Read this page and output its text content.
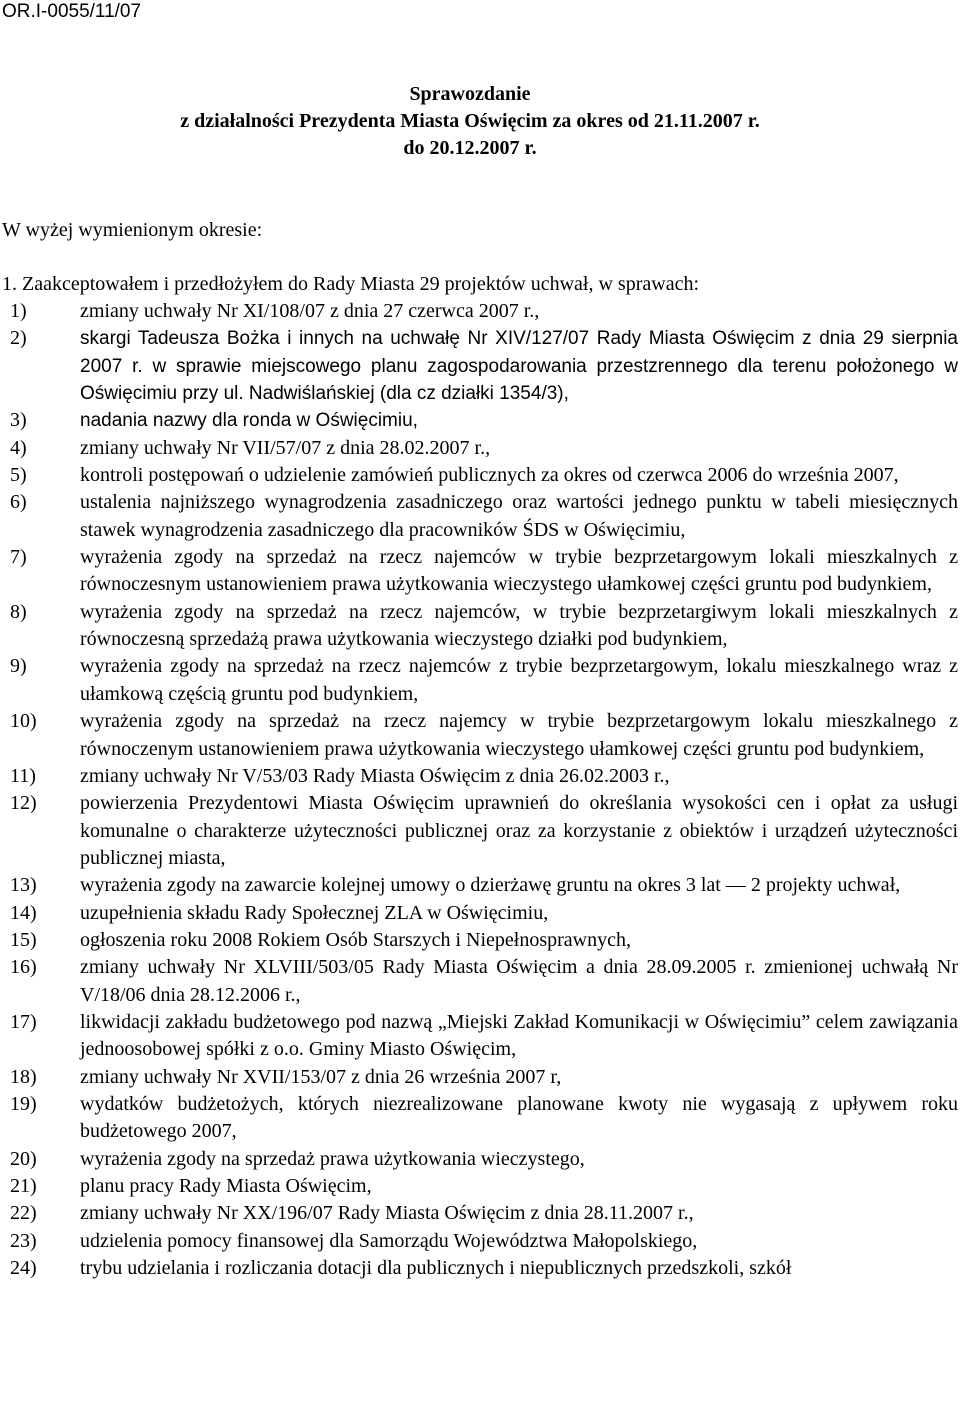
OR.I-0055/11/07
Sprawozdanie
z działalności Prezydenta Miasta Oświęcim za okres od 21.11.2007 r.
do 20.12.2007 r.
W wyżej wymienionym okresie:
1. Zaakceptowałem i przedłożyłem do Rady Miasta 29 projektów uchwał, w sprawach:
1)	zmiany uchwały Nr XI/108/07 z dnia 27 czerwca 2007 r.,
2)	skargi Tadeusza Bożka i innych na uchwałę Nr XIV/127/07 Rady Miasta Oświęcim z dnia 29 sierpnia 2007 r. w sprawie miejscowego planu zagospodarowania przestzrennego dla terenu położonego w Oświęcimiu przy ul. Nadwiślańskiej (dla cz działki 1354/3),
3)	nadania nazwy dla ronda w Oświęcimiu,
4)	zmiany uchwały Nr VII/57/07 z dnia 28.02.2007 r.,
5)	kontroli postępowań o udzielenie zamówień publicznych za okres od czerwca 2006 do września 2007,
6)	ustalenia najniższego wynagrodzenia zasadniczego oraz wartości jednego punktu w tabeli miesięcznych stawek wynagrodzenia zasadniczego dla pracowników ŚDS w Oświęcimiu,
7)	wyrażenia zgody na sprzedaż na rzecz najemców w trybie bezprzetargowym lokali mieszkalnych z równoczesnym ustanowieniem prawa użytkowania wieczystego ułamkowej części gruntu pod budynkiem,
8)	wyrażenia zgody na sprzedaż na rzecz najemców, w trybie bezprzetargiwym lokali mieszkalnych z równoczesną sprzedażą prawa użytkowania wieczystego działki pod budynkiem,
9)	wyrażenia zgody na sprzedaż na rzecz najemców z trybie bezprzetargowym, lokalu mieszkalnego wraz z ułamkową częścią gruntu pod budynkiem,
10)	wyrażenia zgody na sprzedaż na rzecz najemcy w trybie bezprzetargowym lokalu mieszkalnego z równoczenym ustanowieniem prawa użytkowania wieczystego ułamkowej części gruntu pod budynkiem,
11)	zmiany uchwały Nr V/53/03 Rady Miasta Oświęcim z dnia 26.02.2003 r.,
12)	powierzenia Prezydentowi Miasta Oświęcim uprawnień do określania wysokości cen i opłat za usługi komunalne o charakterze użyteczności publicznej oraz za korzystanie z obiektów i urządzeń użyteczności publicznej miasta,
13)	wyrażenia zgody na zawarcie kolejnej umowy o dzierżawę gruntu na okres 3 lat — 2 projekty uchwał,
14)	uzupełnienia składu Rady Społecznej ZLA w Oświęcimiu,
15)	ogłoszenia roku 2008 Rokiem Osób Starszych i Niepełnosprawnych,
16)	zmiany uchwały Nr XLVIII/503/05 Rady Miasta Oświęcim a dnia 28.09.2005 r. zmienionej uchwałą Nr V/18/06 dnia 28.12.2006 r.,
17)	likwidacji zakładu budżetowego pod nazwą „Miejski Zakład Komunikacji w Oświęcimiu” celem zawiązania jednoosobowej spółki z o.o. Gminy Miasto Oświęcim,
18)	zmiany uchwały Nr XVII/153/07 z dnia 26 września 2007 r,
19)	wydatków budżetożych, których niezrealizowane planowane kwoty nie wygasają z upływem roku budżetowego 2007,
20)	wyrażenia zgody na sprzedaż prawa użytkowania wieczystego,
21)	planu pracy Rady Miasta Oświęcim,
22)	zmiany uchwały Nr XX/196/07 Rady Miasta Oświęcim z dnia 28.11.2007 r.,
23)	udzielenia pomocy finansowej dla Samorządu Województwa Małopolskiego,
24)	trybu udzielania i rozliczania dotacji dla publicznych i niepublicznych przedszkoli, szkół
